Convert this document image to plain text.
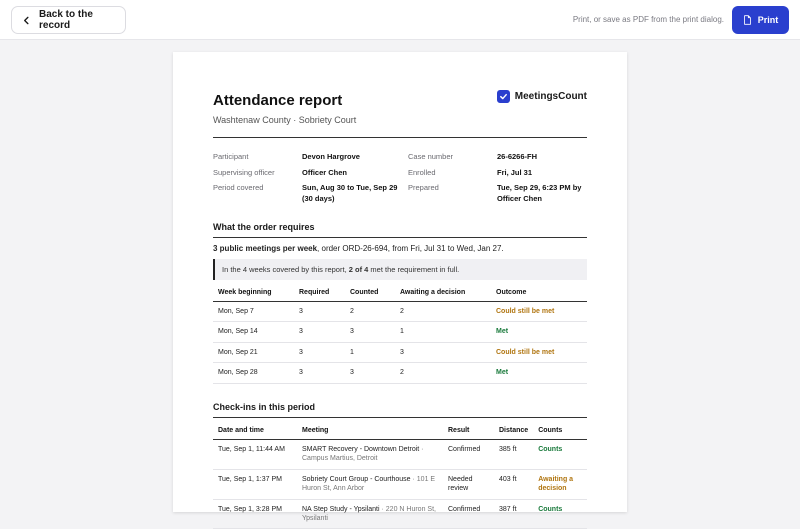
Back to the record
Print, or save as PDF from the print dialog.	Print
Attendance report
Washtenaw County · Sobriety Court
MeetingsCount
Participant	Devon Hargrove	Case number	26-6266-FH
Supervising officer	Officer Chen	Enrolled	Fri, Jul 31
Period covered	Sun, Aug 30 to Tue, Sep 29 (30 days)
Prepared	Tue, Sep 29, 6:23 PM by Officer Chen
What the order requires
3 public meetings per week, order ORD-26-694, from Fri, Jul 31 to Wed, Jan 27.
In the 4 weeks covered by this report, 2 of 4 met the requirement in full.
Week beginning	Required	Counted	Awaiting a decision	Outcome
Mon, Sep 7	3	2	2	Could still be met
Mon, Sep 14	3	3	1	Met
Mon, Sep 21	3	1	3	Could still be met
Mon, Sep 28	3	3	2	Met
Check-ins in this period
Date and time	Meeting	Result	Distance	Counts
Tue, Sep 1, 11:44 AM	SMART Recovery - Downtown Detroit · Campus Martius, Detroit	Confirmed	385 ft	Counts
Tue, Sep 1, 1:37 PM	Sobriety Court Group - Courthouse · 101 E Huron St, Ann Arbor	Needed review	403 ft	Awaiting a decision
Tue, Sep 1, 3:28 PM	NA Step Study - Ypsilanti · 220 N Huron St, Ypsilanti	Confirmed	387 ft	Counts
